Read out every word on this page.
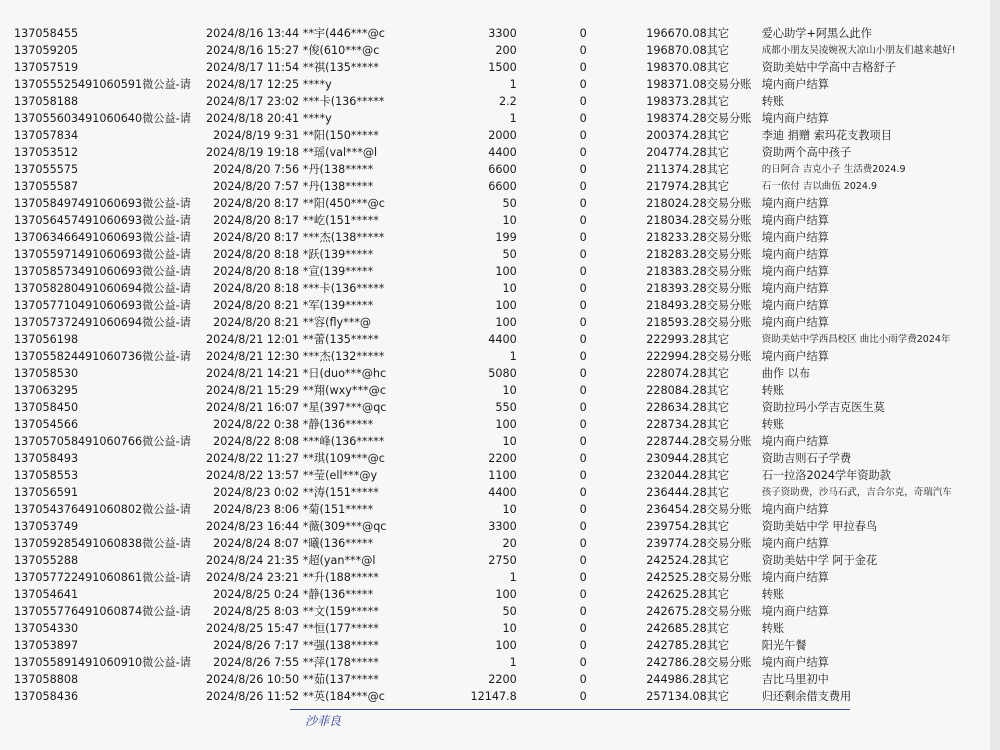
137058455	2024/8/16 13:44 **宇(446***@c	3300	0	196670.08	其它	爱心助学+阿黑么此作
137059205	2024/8/16 15:27 *俊(610***@c	200	0	196870.08	其它	成都小朋友吴凌婉祝大凉山小朋友们越来越好!
137057519	2024/8/17 11:54 **祺(135*****	1500	0	198370.08	其它	资助美姑中学高中吉格舒子
137055525491060591微公益-请	2024/8/17 12:25 ****y	1	0	198371.08	交易分账	境内商户结算
137058188	2024/8/17 23:02 ***卡(136*****	2.2	0	198373.28	其它	转账
137055603491060640微公益-请	2024/8/18 20:41 ****y	1	0	198374.28	交易分账	境内商户结算
137057834	2024/8/19 9:31 **阳(150*****	2000	0	200374.28	其它	李迪 捐赠 索玛花支教项目
137053512	2024/8/19 19:18 **瑶(val***@l	4400	0	204774.28	其它	资助两个高中孩子
137055575	2024/8/20 7:56 *丹(138*****	6600	0	211374.28	其它	的日阿合 吉克小子 生活费2024.9
137055587	2024/8/20 7:57 *丹(138*****	6600	0	217974.28	其它	石一依付 吉以曲伍 2024.9
137058497491060693微公益-请	2024/8/20 8:17 **阳(450***@c	50	0	218024.28	交易分账	境内商户结算
137056457491060693微公益-请	2024/8/20 8:17 **屹(151*****	10	0	218034.28	交易分账	境内商户结算
137063466491060693微公益-请	2024/8/20 8:17 ***杰(138*****	199	0	218233.28	交易分账	境内商户结算
137055971491060693微公益-请	2024/8/20 8:18 *跃(139*****	50	0	218283.28	交易分账	境内商户结算
137058573491060693微公益-请	2024/8/20 8:18 *宣(139*****	100	0	218383.28	交易分账	境内商户结算
137058280491060694微公益-请	2024/8/20 8:18 ***卡(136*****	10	0	218393.28	交易分账	境内商户结算
137057710491060693微公益-请	2024/8/20 8:21 *军(139*****	100	0	218493.28	交易分账	境内商户结算
137057372491060694微公益-请	2024/8/20 8:21 **容(fly***@	100	0	218593.28	交易分账	境内商户结算
137056198	2024/8/21 12:01 **蕾(135*****	4400	0	222993.28	其它	资助美姑中学西昌校区 曲比小雨学费2024年
137055824491060736微公益-请	2024/8/21 12:30 ***杰(132*****	1	0	222994.28	交易分账	境内商户结算
137058530	2024/8/21 14:21 *日(duo***@hc	5080	0	228074.28	其它	曲作 以布
137063295	2024/8/21 15:29 **翔(wxy***@c	10	0	228084.28	其它	转账
137058450	2024/8/21 16:07 *星(397***@qc	550	0	228634.28	其它	资助拉玛小学吉克医生莫
137054566	2024/8/22 0:38 *静(136*****	100	0	228734.28	其它	转账
137057058491060766微公益-请	2024/8/22 8:08 ***峰(136*****	10	0	228744.28	交易分账	境内商户结算
137058493	2024/8/22 11:27 **琪(109***@c	2200	0	230944.28	其它	资助吉则石子学费
137058553	2024/8/22 13:57 **莹(ell***@y	1100	0	232044.28	其它	石一拉洛2024学年资助款
137056591	2024/8/23 0:02 **涛(151*****	4400	0	236444.28	其它	孩子资助费，沙马石武，吉合尔克，奇瑞汽车
137054376491060802微公益-请	2024/8/23 8:06 *菊(151*****	10	0	236454.28	交易分账	境内商户结算
137053749	2024/8/23 16:44 *薇(309***@qc	3300	0	239754.28	其它	资助美姑中学 甲拉春鸟
137059285491060838微公益-请	2024/8/24 8:07 *曦(136*****	20	0	239774.28	交易分账	境内商户结算
137055288	2024/8/24 21:35 *超(yan***@l	2750	0	242524.28	其它	资助美姑中学 阿于金花
137057722491060861微公益-请	2024/8/24 23:21 **升(188*****	1	0	242525.28	交易分账	境内商户结算
137054641	2024/8/25 0:24 *静(136*****	100	0	242625.28	其它	转账
137055776491060874微公益-请	2024/8/25 8:03 **文(159*****	50	0	242675.28	交易分账	境内商户结算
137054330	2024/8/25 15:47 **恒(177*****	10	0	242685.28	其它	转账
137053897	2024/8/26 7:17 **强(138*****	100	0	242785.28	其它	阳光午餐
137055891491060910微公益-请	2024/8/26 7:55 **萍(178*****	1	0	242786.28	交易分账	境内商户结算
137058808	2024/8/26 10:50 **茹(137*****	2200	0	244986.28	其它	吉比马里初中
137058436	2024/8/26 11:52 **英(184***@c	12147.8	0	257134.08	其它	归还剩余借支费用
沙菲良
